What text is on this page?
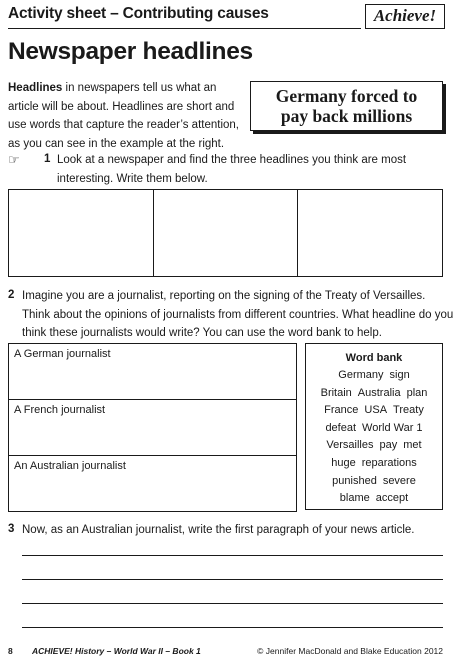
Activity sheet – Contributing causes	Achieve!
Newspaper headlines
Headlines in newspapers tell us what an article will be about. Headlines are short and use words that capture the reader’s attention, as you can see in the example at the right.
Germany forced to
pay back millions
☞ 1 Look at a newspaper and find the three headlines you think are most
interesting. Write them below.
2 Imagine you are a journalist, reporting on the signing of the Treaty of Versailles.
Think about the opinions of journalists from different countries. What headline do you
think these journalists would write? You can use the word bank to help.
A German journalist
A French journalist
An Australian journalist
Word bank
Germany sign
Britain Australia plan
France USA Treaty
defeat World War 1
Versailles pay met
huge reparations
punished severe
blame accept
3 Now, as an Australian journalist, write the first paragraph of your news article.
8 ACHIEVE! History – World War II – Book 1	© Jennifer MacDonald and Blake Education 2012
